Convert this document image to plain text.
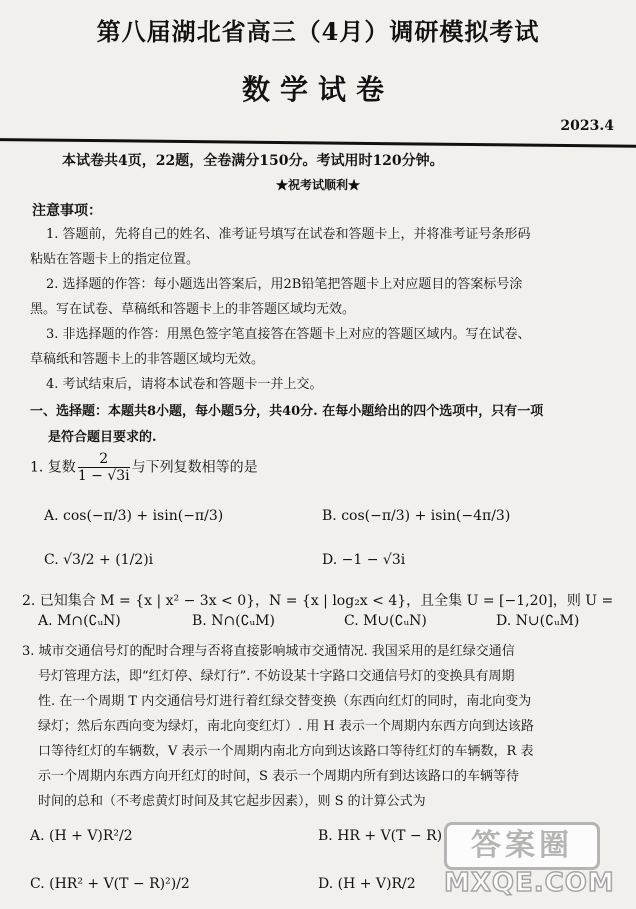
第八届湖北省高三（4月）调研模拟考试
数学试卷
2023.4
本试卷共4页，22题，全卷满分150分。考试用时120分钟。
★祝考试顺利★
注意事项：
1. 答题前，先将自己的姓名、准考证号填写在试卷和答题卡上，并将准考证号条形码
粘贴在答题卡上的指定位置。
2. 选择题的作答：每小题选出答案后，用2B铅笔把答题卡上对应题目的答案标号涂
黑。写在试卷、草稿纸和答题卡上的非答题区域均无效。
3. 非选择题的作答：用黑色签字笔直接答在答题卡上对应的答题区域内。写在试卷、
草稿纸和答题卡上的非答题区域均无效。
4. 考试结束后，请将本试卷和答题卡一并上交。
一、选择题：本题共8小题，每小题5分，共40分. 在每小题给出的四个选项中，只有一项
是符合题目要求的.
1. 复数 $\frac{2}{1 - √3i}$ 与下列复数相等的是
A. cos(−π/3) + isin(−π/3)	B. cos(−π/3) + isin(−4π/3)
C. √3/2 + (1/2)i	D. −1 − √3i
2. 已知集合 M = {x | x² − 3x < 0}，N = {x | log₂x < 4}，且全集 U = [−1,20]，则 U =
A. M∩(∁ᵤN)	B. N∩(∁ᵤM)	C. M∪(∁ᵤN)	D. N∪(∁ᵤM)
3. 城市交通信号灯的配时合理与否将直接影响城市交通情况. 我国采用的是红绿交通信
号灯管理方法，即“红灯停、绿灯行”. 不妨设某十字路口交通信号灯的变换具有周期
性. 在一个周期 T 内交通信号灯进行着红绿交替变换（东西向红灯的同时，南北向变为
绿灯；然后东西向变为绿灯，南北向变红灯）. 用 H 表示一个周期内东西方向到达该路
口等待红灯的车辆数，V 表示一个周期内南北方向到达该路口等待红灯的车辆数，R 表
示一个周期内东西方向开红灯的时间，S 表示一个周期内所有到达该路口的车辆等待
时间的总和（不考虑黄灯时间及其它起步因素），则 S 的计算公式为
A. (H + V)R²/2	B. HR + V(T − R)
C. (HR² + V(T − R)²)/2	D. (H + V)R/2
答案圈
MXQE.COM
